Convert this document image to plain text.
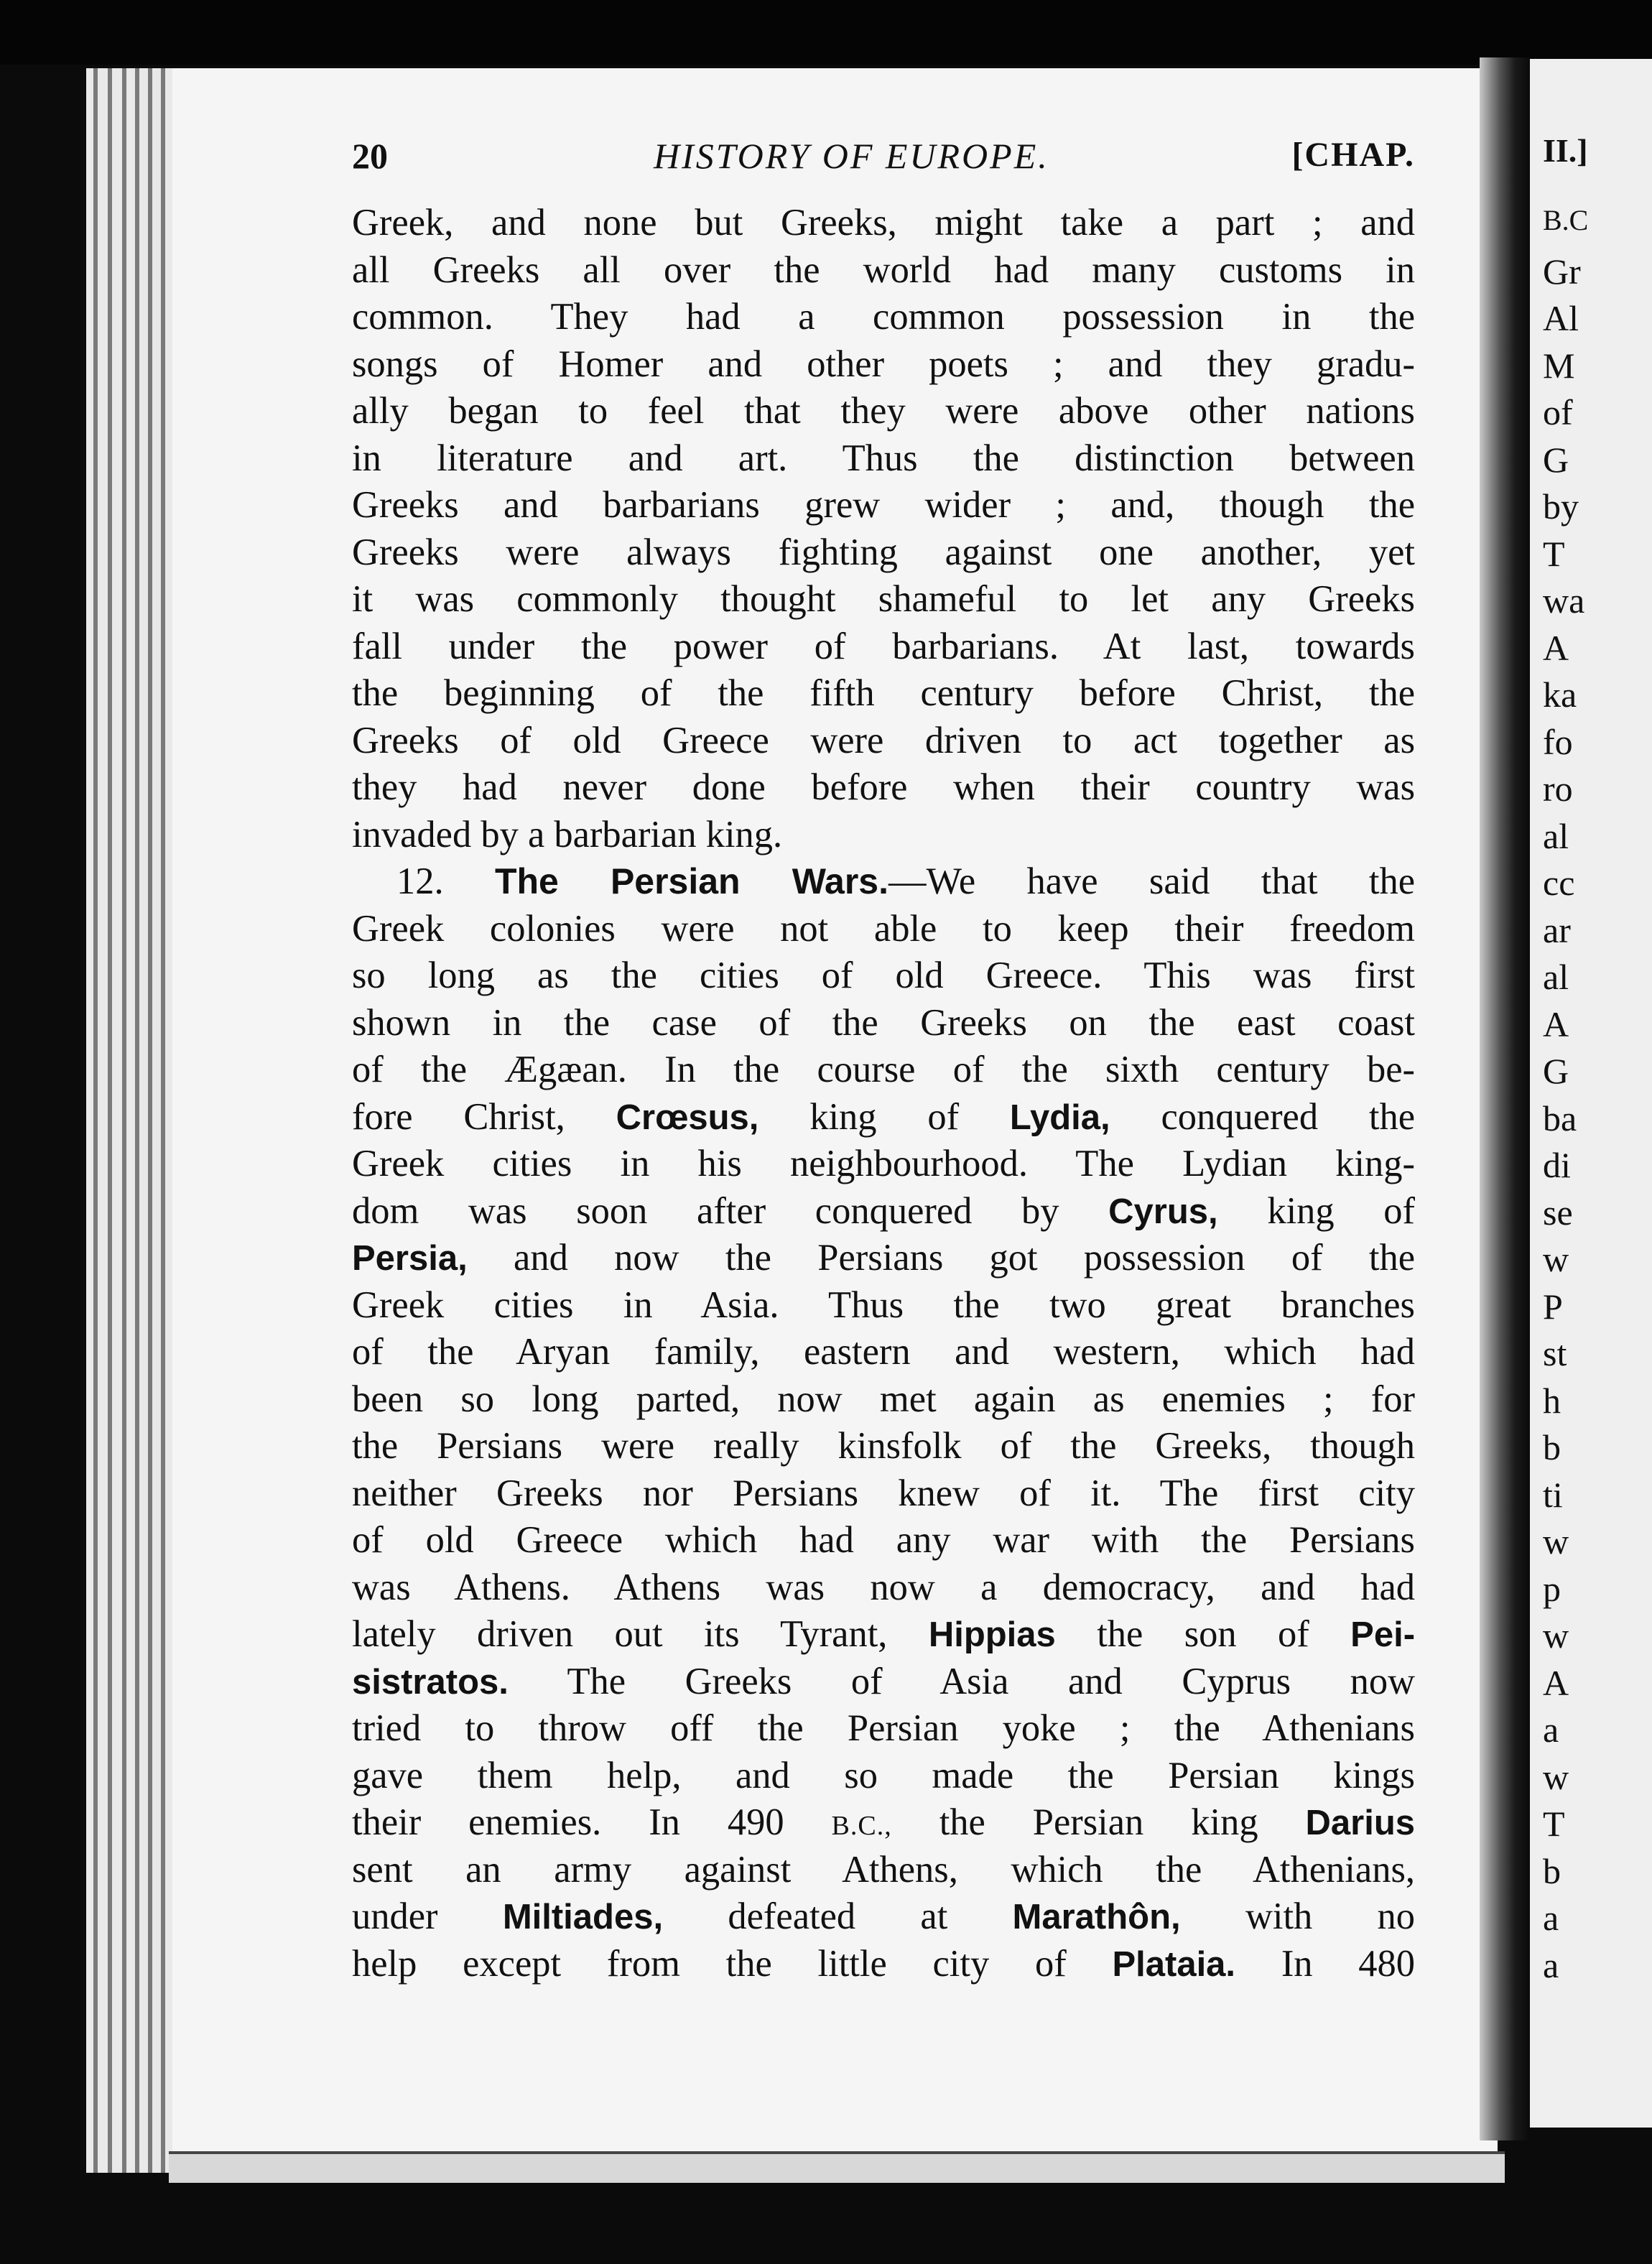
II.]
B.C
Gr
Al
M
of
G
by
T
wa
A
ka
fo
ro
al
cc
ar
al
A
G
ba
di
se
w
P
st
h
b
ti
w
p
w
A
a
w
T
b
a
a
20	HISTORY OF EUROPE.	[CHAP.
Greek, and none but Greeks, might take a part ; and
all Greeks all over the world had many customs in
common. They had a common possession in the
songs of Homer and other poets ; and they gradu-
ally began to feel that they were above other nations
in literature and art. Thus the distinction between
Greeks and barbarians grew wider ; and, though the
Greeks were always fighting against one another, yet
it was commonly thought shameful to let any Greeks
fall under the power of barbarians. At last, towards
the beginning of the fifth century before Christ, the
Greeks of old Greece were driven to act together as
they had never done before when their country was
invaded by a barbarian king.
12. The Persian Wars.—We have said that the
Greek colonies were not able to keep their freedom
so long as the cities of old Greece. This was first
shown in the case of the Greeks on the east coast
of the Ægæan. In the course of the sixth century be-
fore Christ, Crœsus, king of Lydia, conquered the
Greek cities in his neighbourhood. The Lydian king-
dom was soon after conquered by Cyrus, king of
Persia, and now the Persians got possession of the
Greek cities in Asia. Thus the two great branches
of the Aryan family, eastern and western, which had
been so long parted, now met again as enemies ; for
the Persians were really kinsfolk of the Greeks, though
neither Greeks nor Persians knew of it. The first city
of old Greece which had any war with the Persians
was Athens. Athens was now a democracy, and had
lately driven out its Tyrant, Hippias the son of Pei-
sistratos. The Greeks of Asia and Cyprus now
tried to throw off the Persian yoke ; the Athenians
gave them help, and so made the Persian kings
their enemies. In 490 B.C., the Persian king Darius
sent an army against Athens, which the Athenians,
under Miltiades, defeated at Marathôn, with no
help except from the little city of Plataia. In 480
